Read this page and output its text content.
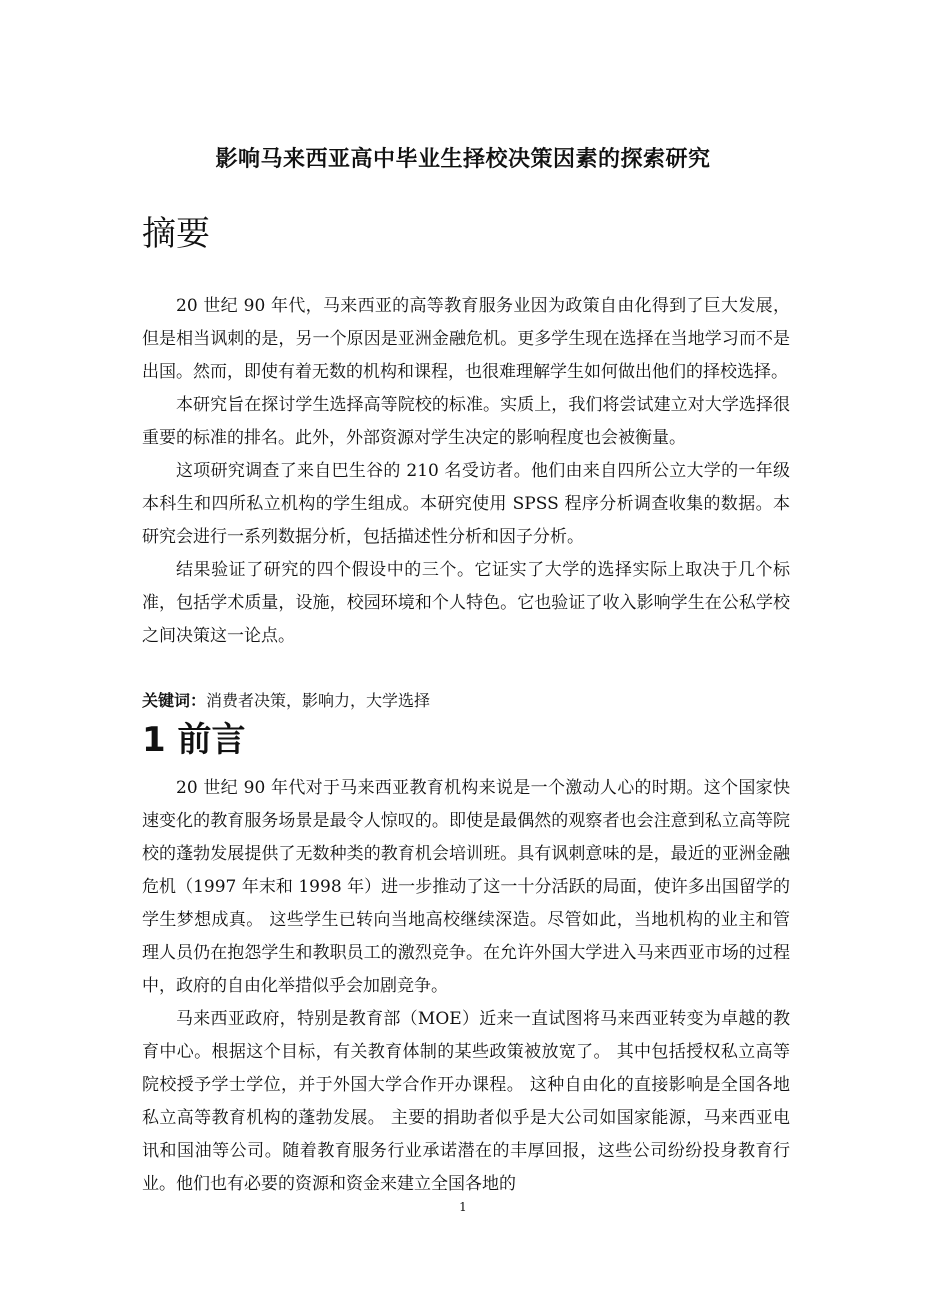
影响马来西亚高中毕业生择校决策因素的探索研究
摘要

20 世纪 90 年代，马来西亚的高等教育服务业因为政策自由化得到了巨大发展，但是相当讽刺的是，另一个原因是亚洲金融危机。更多学生现在选择在当地学习而不是出国。然而，即使有着无数的机构和课程，也很难理解学生如何做出他们的择校选择。

本研究旨在探讨学生选择高等院校的标准。实质上，我们将尝试建立对大学选择很重要的标准的排名。此外，外部资源对学生决定的影响程度也会被衡量。

这项研究调查了来自巴生谷的 210 名受访者。他们由来自四所公立大学的一年级本科生和四所私立机构的学生组成。本研究使用 SPSS 程序分析调查收集的数据。本研究会进行一系列数据分析，包括描述性分析和因子分析。

结果验证了研究的四个假设中的三个。它证实了大学的选择实际上取决于几个标准，包括学术质量，设施，校园环境和个人特色。它也验证了收入影响学生在公私学校之间决策这一论点。

关键词：消费者决策，影响力，大学选择
1 前言

20 世纪 90 年代对于马来西亚教育机构来说是一个激动人心的时期。这个国家快速变化的教育服务场景是最令人惊叹的。即使是最偶然的观察者也会注意到私立高等院校的蓬勃发展提供了无数种类的教育机会培训班。具有讽刺意味的是，最近的亚洲金融危机（1997 年末和 1998 年）进一步推动了这一十分活跃的局面，使许多出国留学的学生梦想成真。 这些学生已转向当地高校继续深造。尽管如此，当地机构的业主和管理人员仍在抱怨学生和教职员工的激烈竞争。在允许外国大学进入马来西亚市场的过程中，政府的自由化举措似乎会加剧竞争。

马来西亚政府，特别是教育部（MOE）近来一直试图将马来西亚转变为卓越的教育中心。根据这个目标，有关教育体制的某些政策被放宽了。 其中包括授权私立高等院校授予学士学位，并于外国大学合作开办课程。 这种自由化的直接影响是全国各地私立高等教育机构的蓬勃发展。 主要的捐助者似乎是大公司如国家能源，马来西亚电讯和国油等公司。随着教育服务行业承诺潜在的丰厚回报，这些公司纷纷投身教育行业。他们也有必要的资源和资金来建立全国各地的

1
